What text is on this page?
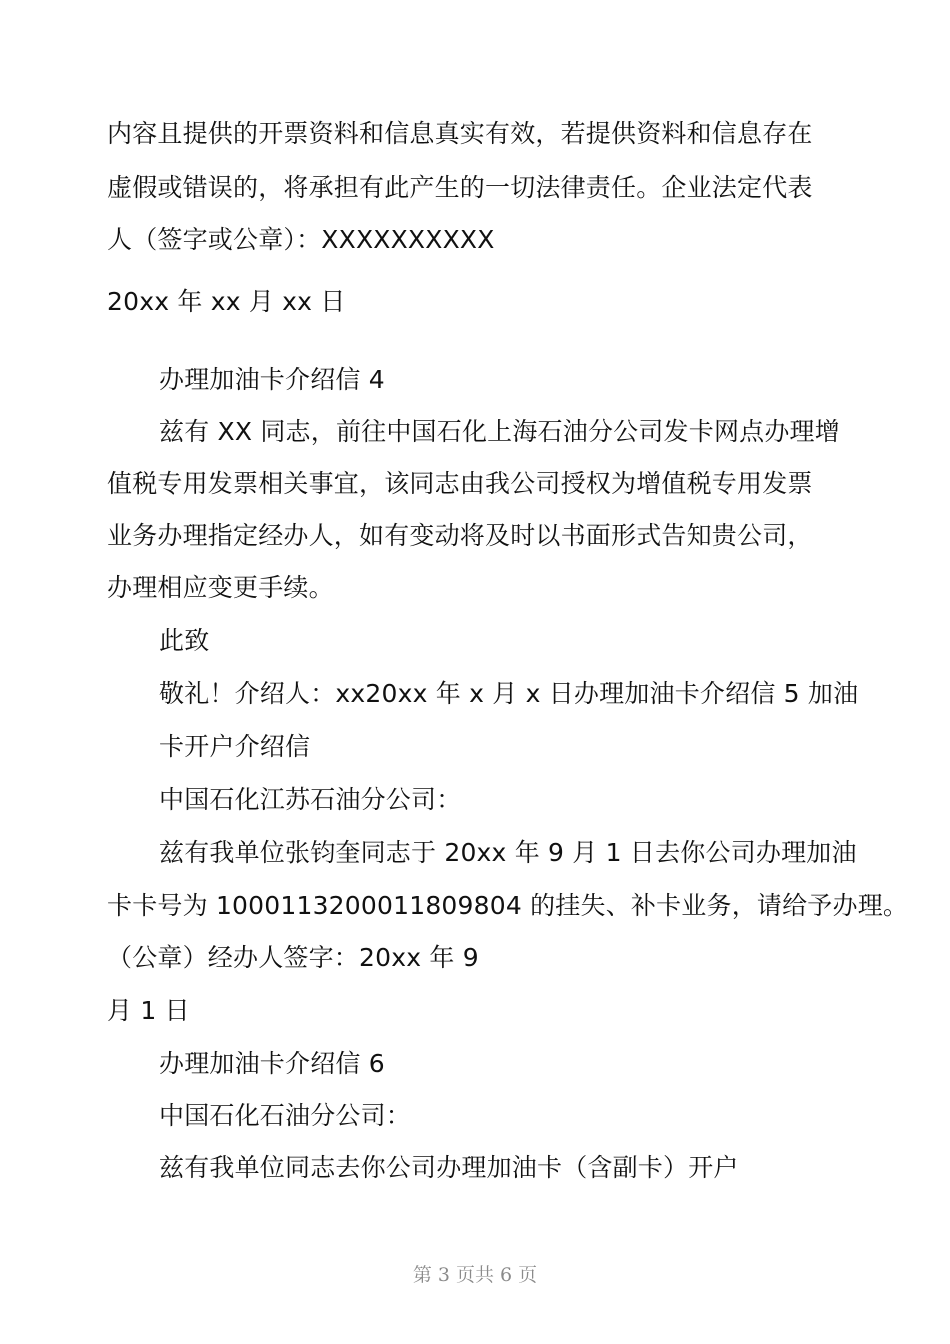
内容且提供的开票资料和信息真实有效，若提供资料和信息存在
虚假或错误的，将承担有此产生的一切法律责任。企业法定代表
人（签字或公章）：XXXXXXXXXX
20xx 年 xx 月 xx 日
办理加油卡介绍信 4
兹有 XX 同志，前往中国石化上海石油分公司发卡网点办理增
值税专用发票相关事宜，该同志由我公司授权为增值税专用发票
业务办理指定经办人，如有变动将及时以书面形式告知贵公司，
办理相应变更手续。
此致
敬礼！介绍人：xx20xx 年 x 月 x 日办理加油卡介绍信 5 加油
卡开户介绍信
中国石化江苏石油分公司：
兹有我单位张钧奎同志于 20xx 年 9 月 1 日去你公司办理加油
卡卡号为 1000113200011809804 的挂失、补卡业务，请给予办理。
（公章）经办人签字：20xx 年 9
月 1 日
办理加油卡介绍信 6
中国石化石油分公司：
兹有我单位同志去你公司办理加油卡（含副卡）开户
第 3 页共 6 页
